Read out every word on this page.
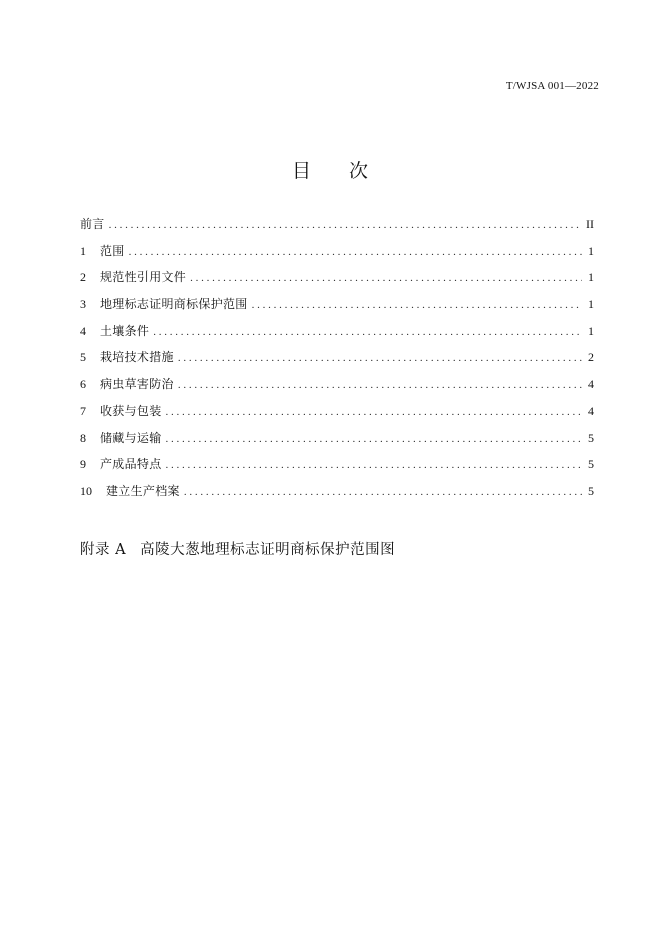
T/WJSA 001—2022
目 次
前言 . . .	II
1	范围 . . .	1
2	规范性引用文件 . . .	1
3	地理标志证明商标保护范围 . . .	1
4	土壤条件 . . .	1
5	栽培技术措施 . . .	2
6	病虫草害防治 . . .	4
7	收获与包装 . . .	4
8	储藏与运输 . . .	5
9	产成品特点 . . .	5
10	建立生产档案 . . .	5
附录 A 高陵大葱地理标志证明商标保护范围图
